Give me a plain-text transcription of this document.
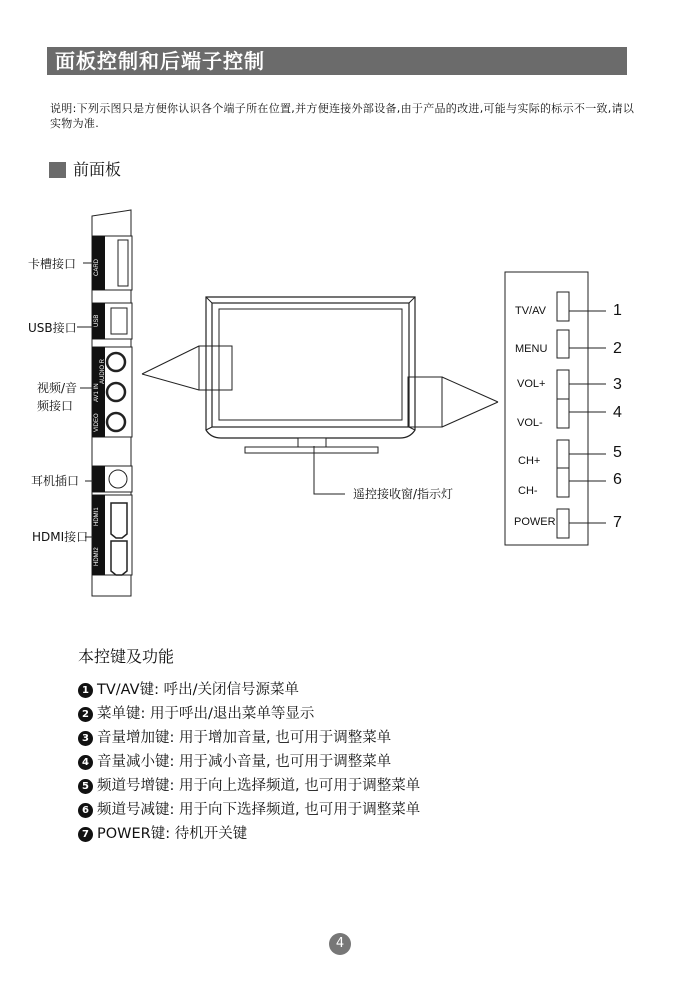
面板控制和后端子控制
说明:下列示图只是方便你认识各个端子所在位置,并方便连接外部设备,由于产品的改进,可能与实际的标示不一致,请以实物为准.
前面板
CARD
USB
AV1 IN
AUDIO R
VIDEO
HDMI1
HDMI2
卡槽接口
USB接口
视频/音
频接口
耳机插口
HDMI接口
遥控接收窗/指示灯
TV/AV
MENU
VOL+
VOL-
CH+
CH-
POWER
1
2
3
4
5
6
7
本控键及功能
1 TV/AV键: 呼出/关闭信号源菜单
2 菜单键: 用于呼出/退出菜单等显示
3 音量增加键: 用于增加音量, 也可用于调整菜单
4 音量减小键: 用于减小音量, 也可用于调整菜单
5 频道号增键: 用于向上选择频道, 也可用于调整菜单
6 频道号减键: 用于向下选择频道, 也可用于调整菜单
7 POWER键: 待机开关键
4
